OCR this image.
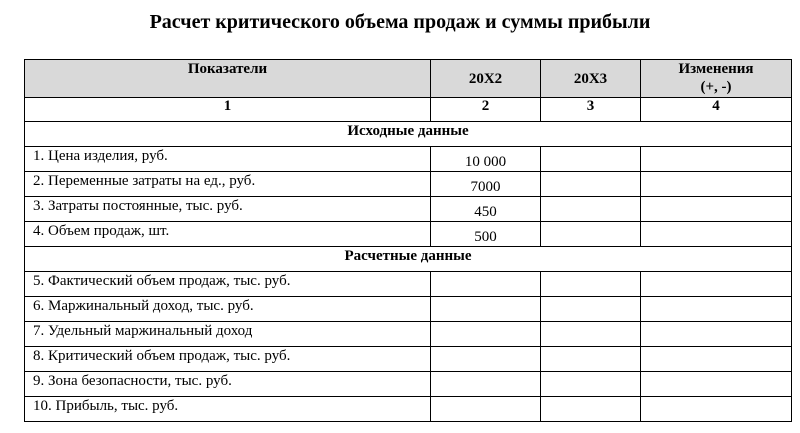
Расчет критического объема продаж и суммы прибыли
Показатели	20Х2	20Х3	Изменения
(+, -)

1	2	3	4
Исходные данные			
1. Цена изделия, руб.	10 000		
2. Переменные затраты на ед., руб.	7000		
3. Затраты постоянные, тыс. руб.	450		
4. Объем продаж, шт.	500		
Расчетные данные			
5. Фактический объем продаж, тыс. руб.			
6. Маржинальный доход, тыс. руб.			
7. Удельный маржинальный доход			
8. Критический объем продаж, тыс. руб.			
9. Зона безопасности, тыс. руб.			
10. Прибыль, тыс. руб.			
